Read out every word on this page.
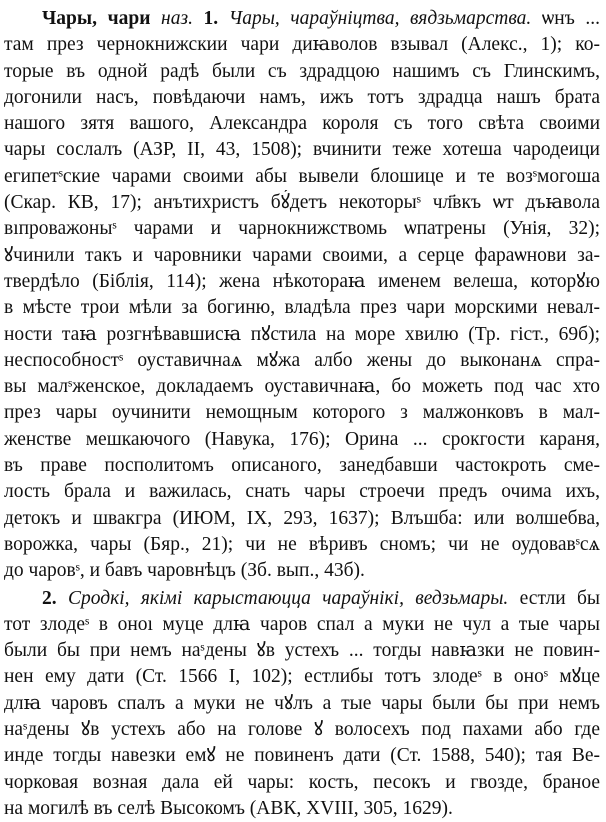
Чары, чари наз. 1. Чары, чараўніцтва, вядзьмарства. ѡнъ ...
там през чернокнижскии чари диꙗволов взывал (Алекс., 1); ко-
торые въ одной радѣ были съ здрадцою нашимъ съ Глинскимъ,
догонили насъ, повѣдаючи намъ, ижъ тотъ здрадца нашъ брата
нашого зятя вашого, Александра короля съ того свѣта своими
чары сослалъ (АЗР, II, 43, 1508); вчинити теже хотеша чародеици
египетˢские чарами своими абы вывели блошице и те возˢмогоша
(Скар. КВ, 17); анътихристъ бꙋ́детъ некоторыˢ чл҃вкъ ѡт дъꙗвола
вıпроважоныˢ чарами и чарнокнижствомь ѡпатрены (Унія, 32);
ꙋчинили такъ и чаровники чарами своими, а серце фараѡнови за-
твердѣло (Біблія, 114); жена нѣкотораꙗ именем велеша, которꙋю
в мѣсте трои мѣли за богиню, владѣла през чари морскими невал-
ности таꙗ розгнѣвавшисꙗ пꙋстила на море хвилю (Тр. гіст., 69б);
неспособностˢ оуставичнаѧ мꙋжа албо жены до выконанѧ спра-
вы малˢженское, докладаемъ оуставичнаꙗ, бо можеть под час хто
през чары оучинити немощным которого з малжонковъ в мал-
женстве мешкаючого (Навука, 176); Орина ... срокгости караня,
въ праве посполитомъ описаного, занедбавши частокроть сме-
лость брала и важилась, снать чары строечи предъ очима ихъ,
детокъ и швакгра (ИЮМ, IX, 293, 1637); Влъшба: или волшебва,
ворожка, чары (Бяр., 21); чи не вѣривъ сномъ; чи не оудовавˢсѧ
до чаровˢ, и бавъ чаровнѣцъ (Зб. вып., 43б).
2. Сродкі, якімі карыстаюцца чараўнікі, ведзьмары. естли бы
тот злодеˢ в оноı муце длꙗ чаров спал а муки не чул а тые чары
были бы при немъ наˢдены ꙋв устехъ ... тогды навꙗзки не повин-
нен ему дати (Ст. 1566 I, 102); естлибы тотъ злодеˢ в оноˢ мꙋце
длꙗ чаровъ спалъ а муки не чꙋлъ а тые чары были бы при немъ
наˢдены ꙋв устехъ або на голове ꙋ волосехъ под пахами або где
инде тогды навезки емꙋ не повиненъ дати (Ст. 1588, 540); тая Ве-
чорковая возная дала ей чары: кость, песокъ и гвозде, браное
на могилѣ въ селѣ Высокомъ (АВК, XVIII, 305, 1629).
